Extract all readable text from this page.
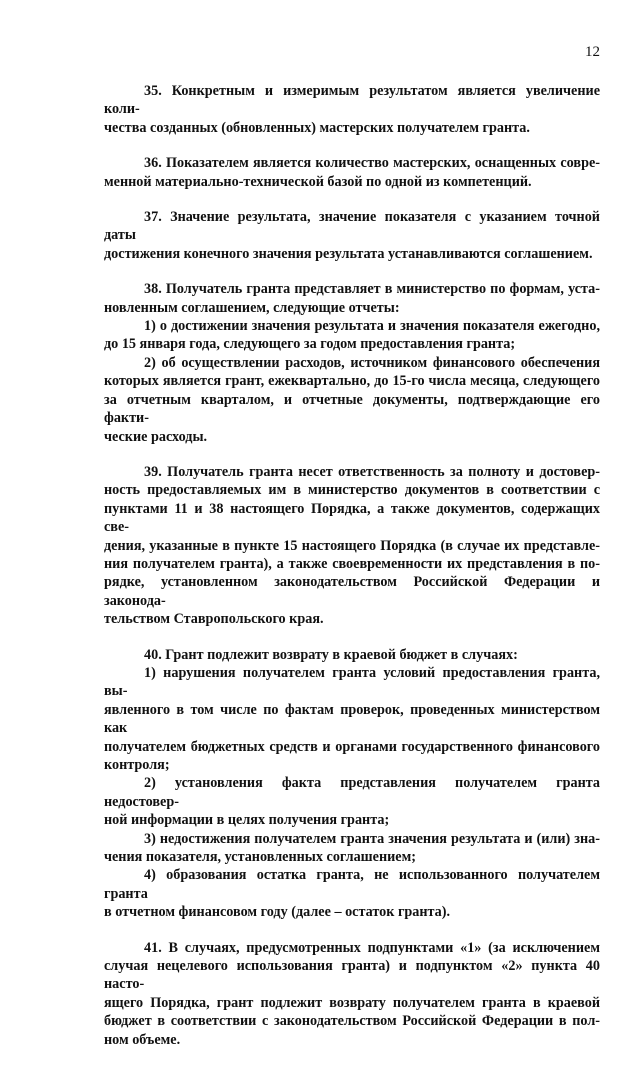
12
35. Конкретным и измеримым результатом является увеличение коли-
чества созданных (обновленных) мастерских получателем гранта.
36. Показателем является количество мастерских, оснащенных совре-
менной материально-технической базой по одной из компетенций.
37. Значение результата, значение показателя с указанием точной даты
достижения конечного значения результата устанавливаются соглашением.
38. Получатель гранта представляет в министерство по формам, уста-
новленным соглашением, следующие отчеты:
1) о достижении значения результата и значения показателя ежегодно,
до 15 января года, следующего за годом предоставления гранта;
2) об осуществлении расходов, источником финансового обеспечения
которых является грант, ежеквартально, до 15-го числа месяца, следующего
за отчетным кварталом, и отчетные документы, подтверждающие его факти-
ческие расходы.
39. Получатель гранта несет ответственность за полноту и достовер-
ность предоставляемых им в министерство документов в соответствии с
пунктами 11 и 38 настоящего Порядка, а также документов, содержащих све-
дения, указанные в пункте 15 настоящего Порядка (в случае их представле-
ния получателем гранта), а также своевременности их представления в по-
рядке, установленном законодательством Российской Федерации и законода-
тельством Ставропольского края.
40. Грант подлежит возврату в краевой бюджет в случаях:
1) нарушения получателем гранта условий предоставления гранта, вы-
явленного в том числе по фактам проверок, проведенных министерством как
получателем бюджетных средств и органами государственного финансового
контроля;
2) установления факта представления получателем гранта недостовер-
ной информации в целях получения гранта;
3) недостижения получателем гранта значения результата и (или) зна-
чения показателя, установленных соглашением;
4) образования остатка гранта, не использованного получателем гранта
в отчетном финансовом году (далее – остаток гранта).
41. В случаях, предусмотренных подпунктами «1» (за исключением
случая нецелевого использования гранта) и подпунктом «2» пункта 40 насто-
ящего Порядка, грант подлежит возврату получателем гранта в краевой
бюджет в соответствии с законодательством Российской Федерации в пол-
ном объеме.
